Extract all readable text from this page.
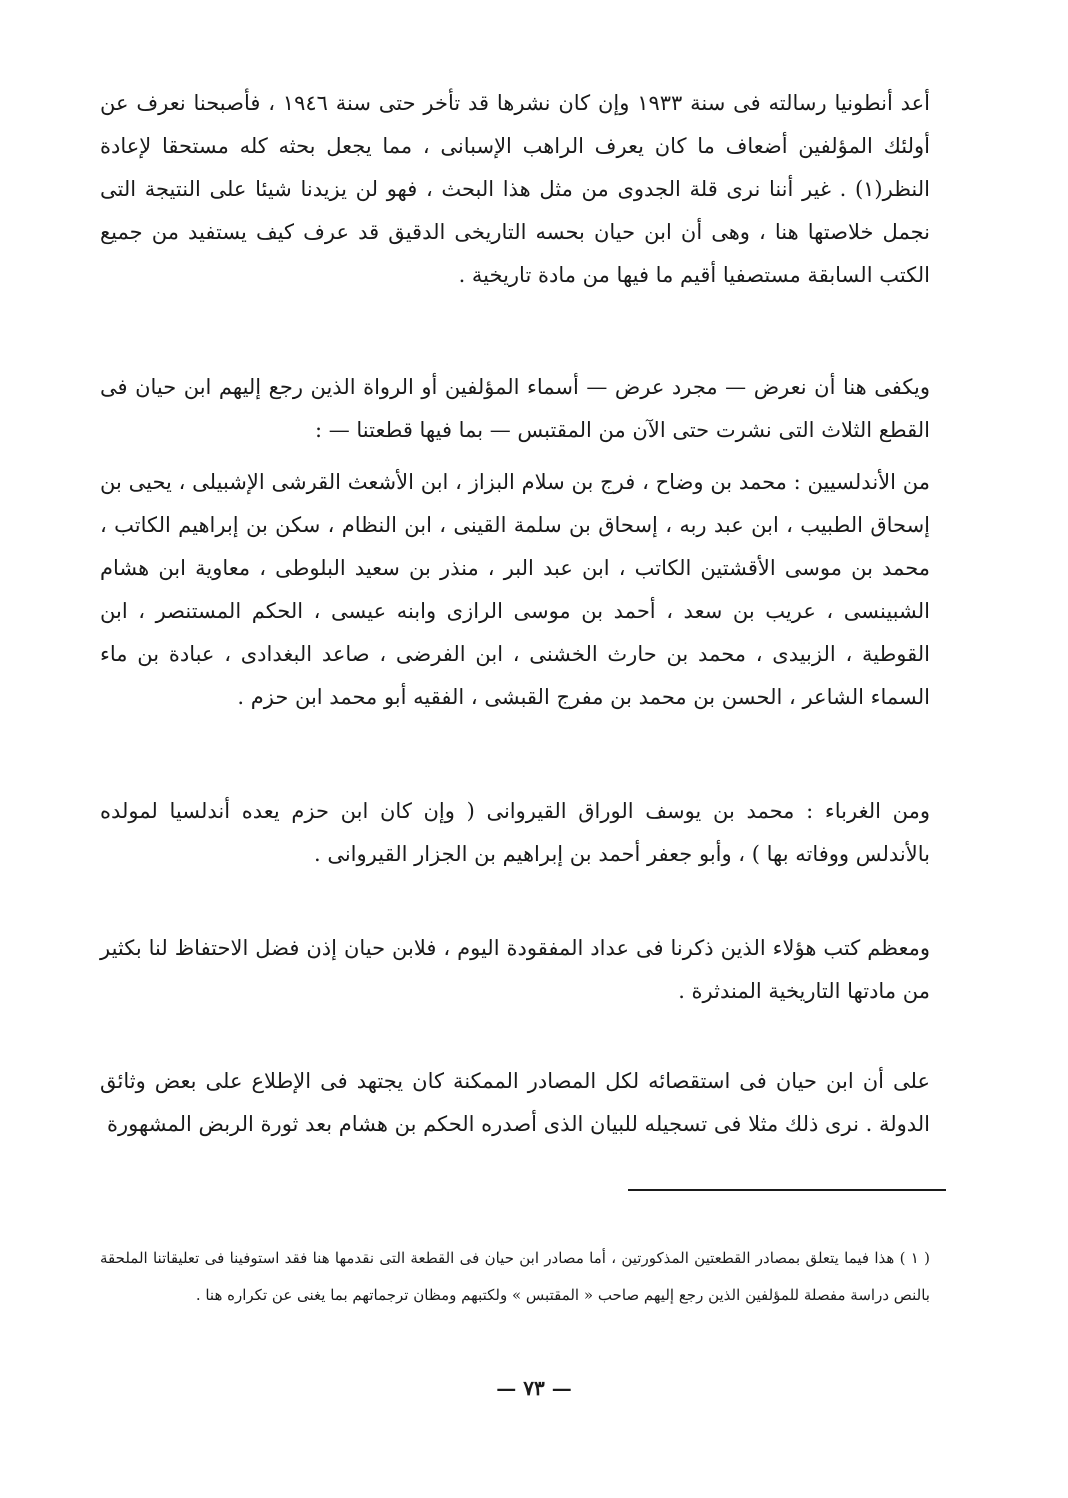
أعد أنطونيا رسالته فى سنة ١٩٣٣ وإن كان نشرها قد تأخر حتى سنة ١٩٤٦ ، فأصبحنا نعرف عن أولئك المؤلفين أضعاف ما كان يعرف الراهب الإسبانى ، مما يجعل بحثه كله مستحقا لإعادة النظر(١) . غير أننا نرى قلة الجدوى من مثل هذا البحث ، فهو لن يزيدنا شيئا على النتيجة التى نجمل خلاصتها هنا ، وهى أن ابن حيان بحسه التاريخى الدقيق قد عرف كيف يستفيد من جميع الكتب السابقة مستصفيا أقيم ما فيها من مادة تاريخية .

ويكفى هنا أن نعرض — مجرد عرض — أسماء المؤلفين أو الرواة الذين رجع إليهم ابن حيان فى القطع الثلاث التى نشرت حتى الآن من المقتبس — بما فيها قطعتنا — :

من الأندلسيين : محمد بن وضاح ، فرج بن سلام البزاز ، ابن الأشعث القرشى الإشبيلى ، يحيى بن إسحاق الطبيب ، ابن عبد ربه ، إسحاق بن سلمة القينى ، ابن النظام ، سكن بن إبراهيم الكاتب ، محمد بن موسى الأقشتين الكاتب ، ابن عبد البر ، منذر بن سعيد البلوطى ، معاوية ابن هشام الشبينسى ، عريب بن سعد ، أحمد بن موسى الرازى وابنه عيسى ، الحكم المستنصر ، ابن القوطية ، الزبيدى ، محمد بن حارث الخشنى ، ابن الفرضى ، صاعد البغدادى ، عبادة بن ماء السماء الشاعر ، الحسن بن محمد بن مفرج القبشى ، الفقيه أبو محمد ابن حزم .

ومن الغرباء : محمد بن يوسف الوراق القيروانى ( وإن كان ابن حزم يعده أندلسيا لمولده بالأندلس ووفاته بها ) ، وأبو جعفر أحمد بن إبراهيم بن الجزار القيروانى .

ومعظم كتب هؤلاء الذين ذكرنا فى عداد المفقودة اليوم ، فلابن حيان إذن فضل الاحتفاظ لنا بكثير من مادتها التاريخية المندثرة .

على أن ابن حيان فى استقصائه لكل المصادر الممكنة كان يجتهد فى الإطلاع على بعض وثائق الدولة . نرى ذلك مثلا فى تسجيله للبيان الذى أصدره الحكم بن هشام بعد ثورة الربض المشهورة

( ١ ) هذا فيما يتعلق بمصادر القطعتين المذكورتين ، أما مصادر ابن حيان فى القطعة التى نقدمها هنا فقد استوفينا فى تعليقاتنا الملحقة بالنص دراسة مفصلة للمؤلفين الذين رجع إليهم صاحب « المقتبس » ولكتبهم ومظان ترجماتهم بما يغنى عن تكراره هنا .

— ٧٣ —
